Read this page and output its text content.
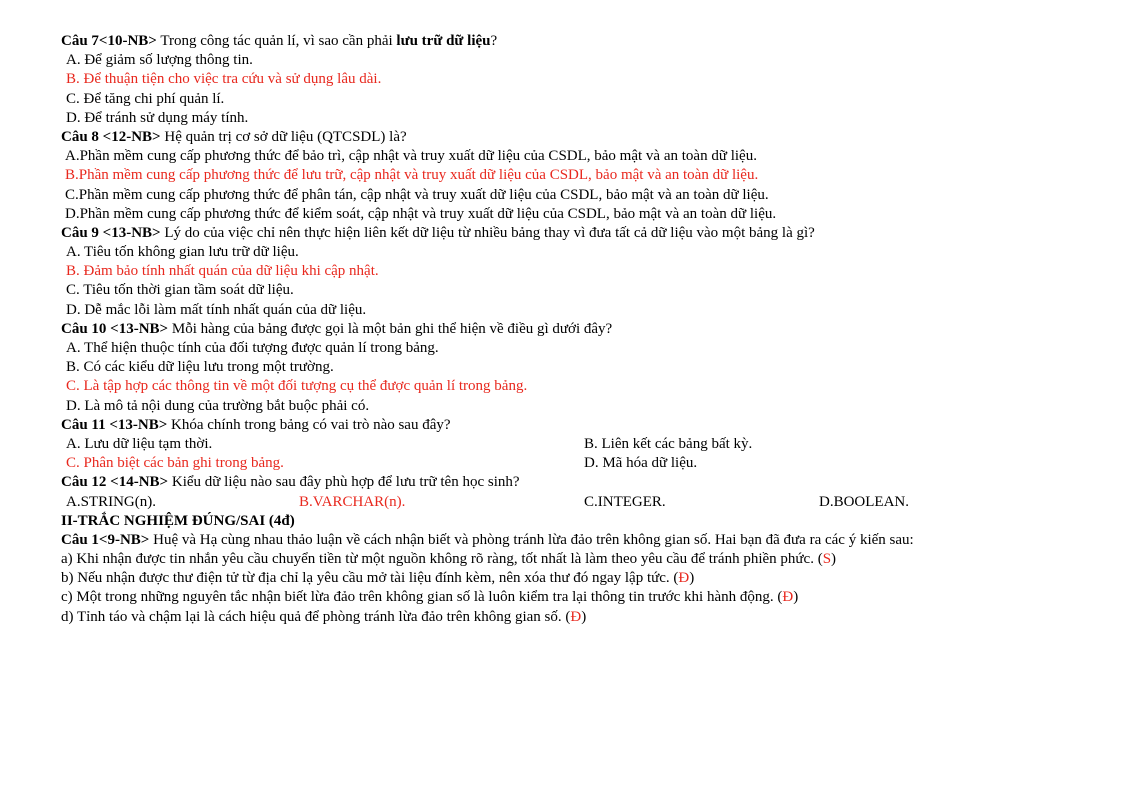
Câu 7<10-NB> Trong công tác quản lí, vì sao cần phải lưu trữ dữ liệu?
A. Để giảm số lượng thông tin.
B. Để thuận tiện cho việc tra cứu và sử dụng lâu dài.
C. Để tăng chi phí quản lí.
D. Để tránh sử dụng máy tính.
Câu 8 <12-NB> Hệ quản trị cơ sở dữ liệu (QTCSDL) là?
A.Phần mềm cung cấp phương thức để bảo trì, cập nhật và truy xuất dữ liệu của CSDL, bảo mật và an toàn dữ liệu.
B.Phần mềm cung cấp phương thức để lưu trữ, cập nhật và truy xuất dữ liệu của CSDL, bảo mật và an toàn dữ liệu.
C.Phần mềm cung cấp phương thức để phân tán, cập nhật và truy xuất dữ liệu của CSDL, bảo mật và an toàn dữ liệu.
D.Phần mềm cung cấp phương thức để kiểm soát, cập nhật và truy xuất dữ liệu của CSDL, bảo mật và an toàn dữ liệu.
Câu 9 <13-NB> Lý do của việc chỉ nên thực hiện liên kết dữ liệu từ nhiều bảng thay vì đưa tất cả dữ liệu vào một bảng là gì?
A. Tiêu tốn không gian lưu trữ dữ liệu.
B. Đảm bảo tính nhất quán của dữ liệu khi cập nhật.
C. Tiêu tốn thời gian tầm soát dữ liệu.
D. Dễ mắc lỗi làm mất tính nhất quán của dữ liệu.
Câu 10 <13-NB> Mỗi hàng của bảng được gọi là một bản ghi thể hiện về điều gì dưới đây?
A. Thể hiện thuộc tính của đối tượng được quản lí trong bảng.
B. Có các kiểu dữ liệu lưu trong một trường.
C. Là tập hợp các thông tin về một đối tượng cụ thể được quản lí trong bảng.
D. Là mô tả nội dung của trường bắt buộc phải có.
Câu 11 <13-NB> Khóa chính trong bảng có vai trò nào sau đây?
A. Lưu dữ liệu tạm thời.	B. Liên kết các bảng bất kỳ.
C. Phân biệt các bản ghi trong bảng.	D. Mã hóa dữ liệu.
Câu 12 <14-NB> Kiểu dữ liệu nào sau đây phù hợp để lưu trữ tên học sinh?
A.STRING(n).	B.VARCHAR(n).	C.INTEGER.	D.BOOLEAN.
II-TRẮC NGHIỆM ĐÚNG/SAI (4đ)
Câu 1<9-NB> Huệ và Hạ cùng nhau thảo luận về cách nhận biết và phòng tránh lừa đảo trên không gian số. Hai bạn đã đưa ra các ý kiến sau:
a) Khi nhận được tin nhắn yêu cầu chuyển tiền từ một nguồn không rõ ràng, tốt nhất là làm theo yêu cầu để tránh phiền phức. (S)
b) Nếu nhận được thư điện tử từ địa chỉ lạ yêu cầu mở tài liệu đính kèm, nên xóa thư đó ngay lập tức. (Đ)
c) Một trong những nguyên tắc nhận biết lừa đảo trên không gian số là luôn kiểm tra lại thông tin trước khi hành động. (Đ)
d) Tỉnh táo và chậm lại là cách hiệu quả để phòng tránh lừa đảo trên không gian số. (Đ)
